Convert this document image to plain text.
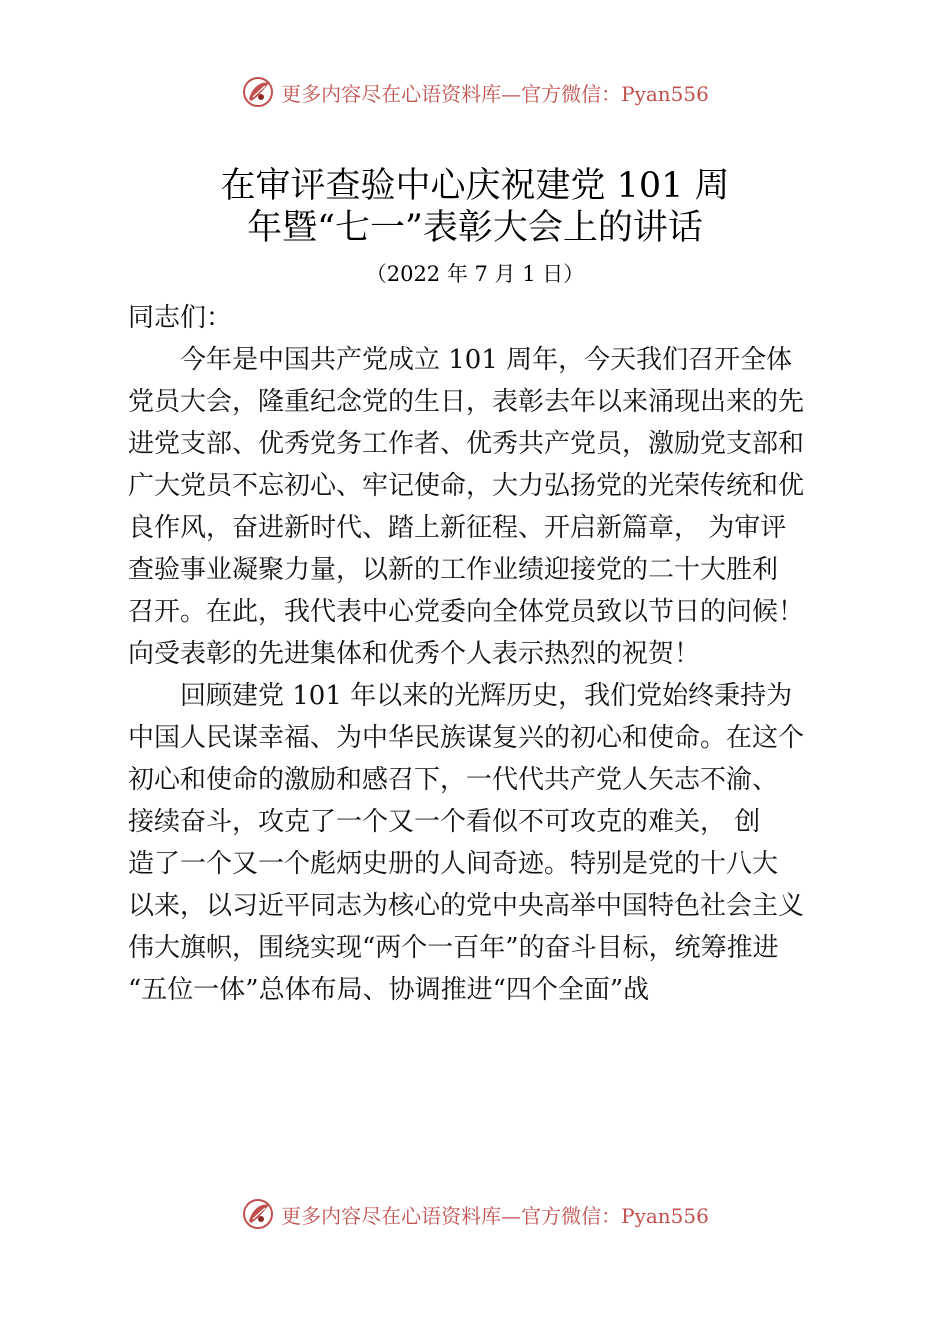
更多内容尽在心语资料库—官方微信：Pyan556
在审评查验中心庆祝建党 101 周
年暨“七一”表彰大会上的讲话
（2022 年 7 月 1 日）
同志们：
　　今年是中国共产党成立 101 周年，今天我们召开全体
党员大会，隆重纪念党的生日，表彰去年以来涌现出来的先
进党支部、优秀党务工作者、优秀共产党员，激励党支部和
广大党员不忘初心、牢记使命，大力弘扬党的光荣传统和优
良作风，奋进新时代、踏上新征程、开启新篇章， 为审评
查验事业凝聚力量，以新的工作业绩迎接党的二十大胜利
召开。在此，我代表中心党委向全体党员致以节日的问候！
向受表彰的先进集体和优秀个人表示热烈的祝贺！
　　回顾建党 101 年以来的光辉历史，我们党始终秉持为
中国人民谋幸福、为中华民族谋复兴的初心和使命。在这个
初心和使命的激励和感召下，一代代共产党人矢志不渝、
接续奋斗，攻克了一个又一个看似不可攻克的难关， 创
造了一个又一个彪炳史册的人间奇迹。特别是党的十八大
以来，以习近平同志为核心的党中央高举中国特色社会主义
伟大旗帜，围绕实现“两个一百年”的奋斗目标，统筹推进
“五位一体”总体布局、协调推进“四个全面”战
更多内容尽在心语资料库—官方微信：Pyan556
